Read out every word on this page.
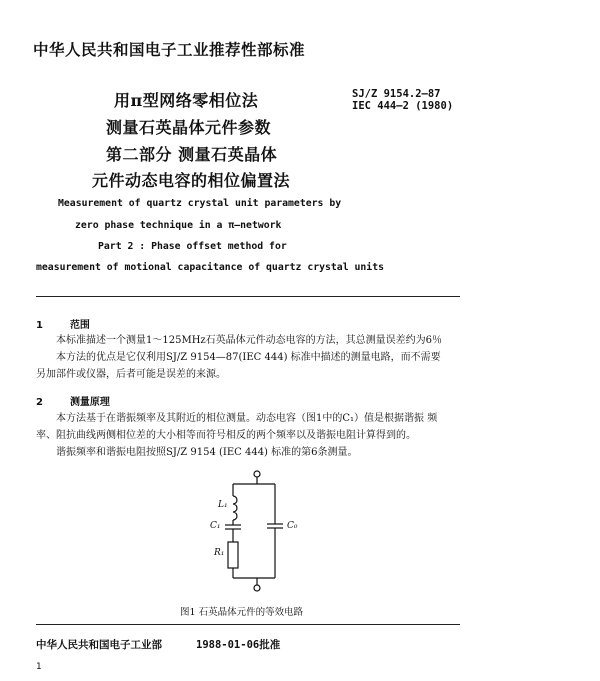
中华人民共和国电子工业推荐性部标准
用π型网络零相位法
测量石英晶体元件参数
第二部分 测量石英晶体
元件动态电容的相位偏置法
SJ/Z 9154.2—87
IEC 444—2 (1980)
Measurement of quartz crystal unit parameters by
zero phase technique in a π—network
Part 2 : Phase offset method for
measurement of motional capacitance of quartz crystal units
1	范围
本标准描述一个测量1～125MHz石英晶体元件动态电容的方法，其总测量误差约为6％
本方法的优点是它仅利用SJ/Z 9154—87(IEC 444) 标准中描述的测量电路，而不需要
另加部件或仪器，后者可能是误差的来源。
2	测量原理
本方法基于在谐振频率及其附近的相位测量。动态电容（图1中的C₁）值是根据谐振 频
率、阻抗曲线两侧相位差的大小相等而符号相反的两个频率以及谐振电阻计算得到的。
谐振频率和谐振电阻按照SJ/Z 9154 (IEC 444) 标准的第6条测量。
L₁
C₁	C₀
R₁
图1 石英晶体元件的等效电路
中华人民共和国电子工业部	1988-01-06批准
1
